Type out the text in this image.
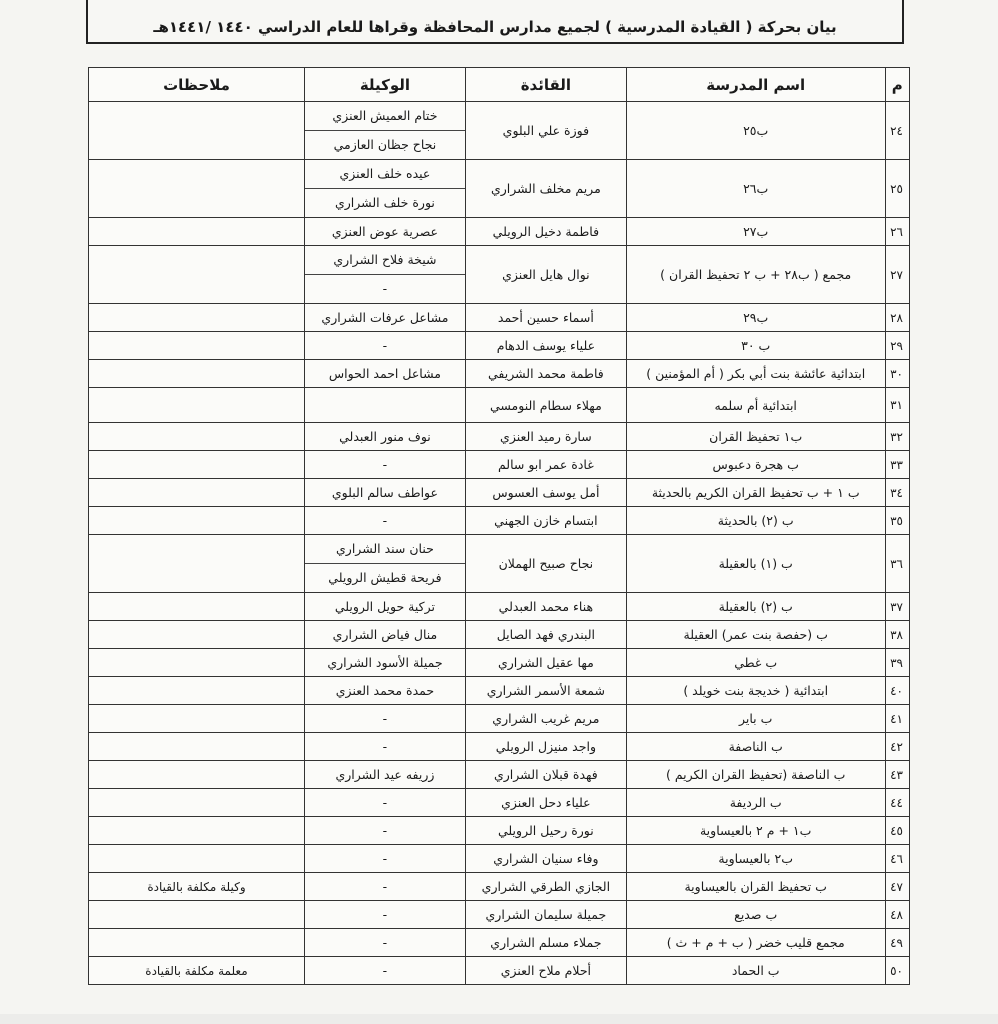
بيان بحركة ( القيادة المدرسية ) لجميع مدارس المحافظة وقراها للعام الدراسي ١٤٤٠ /١٤٤١هـ
م	اسم المدرسة	القائدة	الوكيلة	ملاحظات
٢٤	ب٢٥	فوزة علي البلوي	ختام العميش العنزي
نجاح جظان العازمي	

٢٥	ب٢٦	مريم مخلف الشراري	عيده خلف العنزي
نورة خلف الشراري	

٢٦	ب٢٧	فاطمة دخيل الرويلي	عصرية عوض العنزي	
٢٧	مجمع ( ب٢٨ + ب ٢ تحفيظ القران )	نوال هايل العنزي	شيخة فلاح الشراري
-	

٢٨	ب٢٩	أسماء حسين أحمد	مشاعل عرفات الشراري	
٢٩	ب ٣٠	علياء يوسف الدهام	-	
٣٠	ابتدائية عائشة بنت أبي بكر ( أم المؤمنين )	فاطمة محمد الشريفي	مشاعل احمد الحواس	
٣١	ابتدائية أم سلمه	مهلاء سطام النومسي		
٣٢	ب١ تحفيظ القران	سارة رميد العنزي	نوف منور العبدلي	
٣٣	ب هجرة دعبوس	غادة عمر ابو سالم	-	
٣٤	ب ١ + ب تحفيظ القران الكريم بالحديثة	أمل يوسف العسوس	عواطف سالم البلوي	
٣٥	ب (٢) بالحديثة	ابتسام خازن الجهني	-	
٣٦	ب (١) بالعقيلة	نجاح صبيح الهملان	حنان سند الشراري
فريحة قطيش الرويلي	

٣٧	ب (٢) بالعقيلة	هناء محمد العبدلي	تركية حويل الرويلي	
٣٨	ب (حفصة بنت عمر) العقيلة	البندري فهد الصايل	منال فياض الشراري	
٣٩	ب غطي	مها عقيل الشراري	جميلة الأسود الشراري	
٤٠	ابتدائية ( خديجة بنت خويلد )	شمعة الأسمر الشراري	حمدة محمد العنزي	
٤١	ب باير	مريم غريب الشراري	-	
٤٢	ب الناصفة	واجد منيزل الرويلي	-	
٤٣	ب الناصفة (تحفيظ القران الكريم )	فهدة قبلان الشراري	زريفه عيد الشراري	
٤٤	ب الرديفة	علياء دحل العنزي	-	
٤٥	ب١ + م ٢ بالعيساوية	نورة رحيل الرويلي	-	
٤٦	ب٢ بالعيساوية	وفاء سنيان الشراري	-	
٤٧	ب تحفيظ القران بالعيساوية	الجازي الطرقي الشراري	-	وكيلة مكلفة بالقيادة
٤٨	ب صديع	جميلة سليمان الشراري	-	
٤٩	مجمع قليب خضر ( ب + م + ث )	جملاء مسلم الشراري	-	
٥٠	ب الحماد	أحلام ملاح العنزي	-	معلمة مكلفة بالقيادة
